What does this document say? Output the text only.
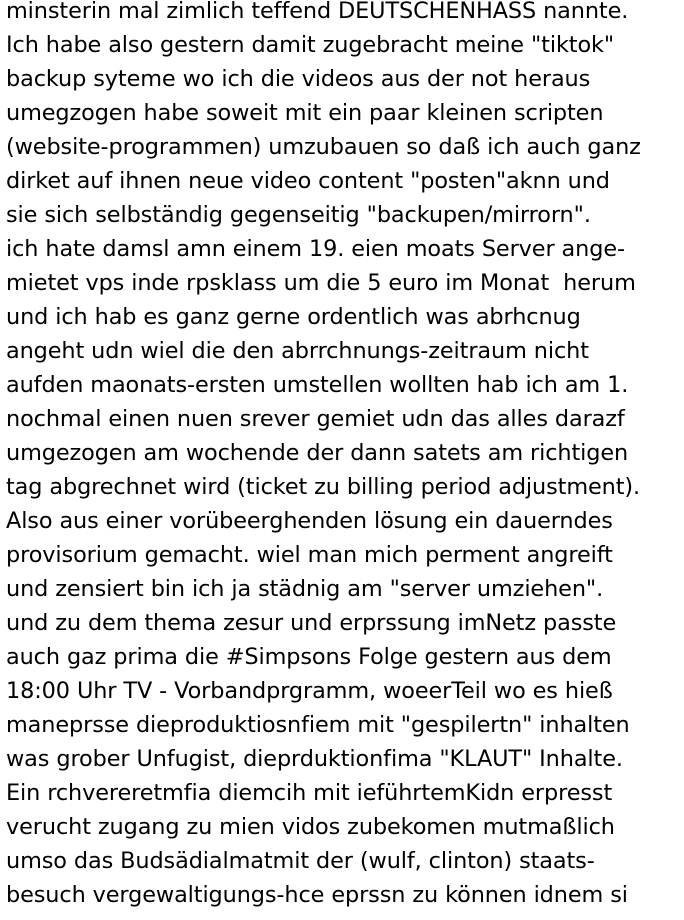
minsterin mal zimlich teffend DEUTSCHENHASS nannte.
Ich habe also gestern damit zugebracht meine "tiktok"
backup syteme wo ich die videos aus der not heraus
umegzogen habe soweit mit ein paar kleinen scripten
(website-programmen) umzubauen so daß ich auch ganz
dirket auf ihnen neue video content "posten"aknn und
sie sich selbständig gegenseitig "backupen/mirrorn".
ich hate damsl amn einem 19. eien moats Server ange-
mietet vps inde rpsklass um die 5 euro im Monat  herum
und ich hab es ganz gerne ordentlich was abrhcnug
angeht udn wiel die den abrrchnungs-zeitraum nicht
aufden maonats-ersten umstellen wollten hab ich am 1.
nochmal einen nuen srever gemiet udn das alles darazf
umgezogen am wochende der dann satets am richtigen
tag abgrechnet wird (ticket zu billing period adjustment).
Also aus einer vorübeerghenden lösung ein dauerndes
provisorium gemacht. wiel man mich perment angreift
und zensiert bin ich ja städnig am "server umziehen".
und zu dem thema zesur und erprssung imNetz passte
auch gaz prima die #Simpsons Folge gestern aus dem
18:00 Uhr TV - Vorbandprgramm, woeerTeil wo es hieß
maneprsse dieproduktiosnfiem mit "gespilertn" inhalten
was grober Unfugist, dieprduktionfima "KLAUT" Inhalte.
Ein rchvereretmfia diemcih mit ieführtemKidn erpresst
verucht zugang zu mien vidos zubekomen mutmaßlich
umso das Budsädialmatmit der (wulf, clinton) staats-
besuch vergewaltigungs-hce eprssn zu können idnem si
